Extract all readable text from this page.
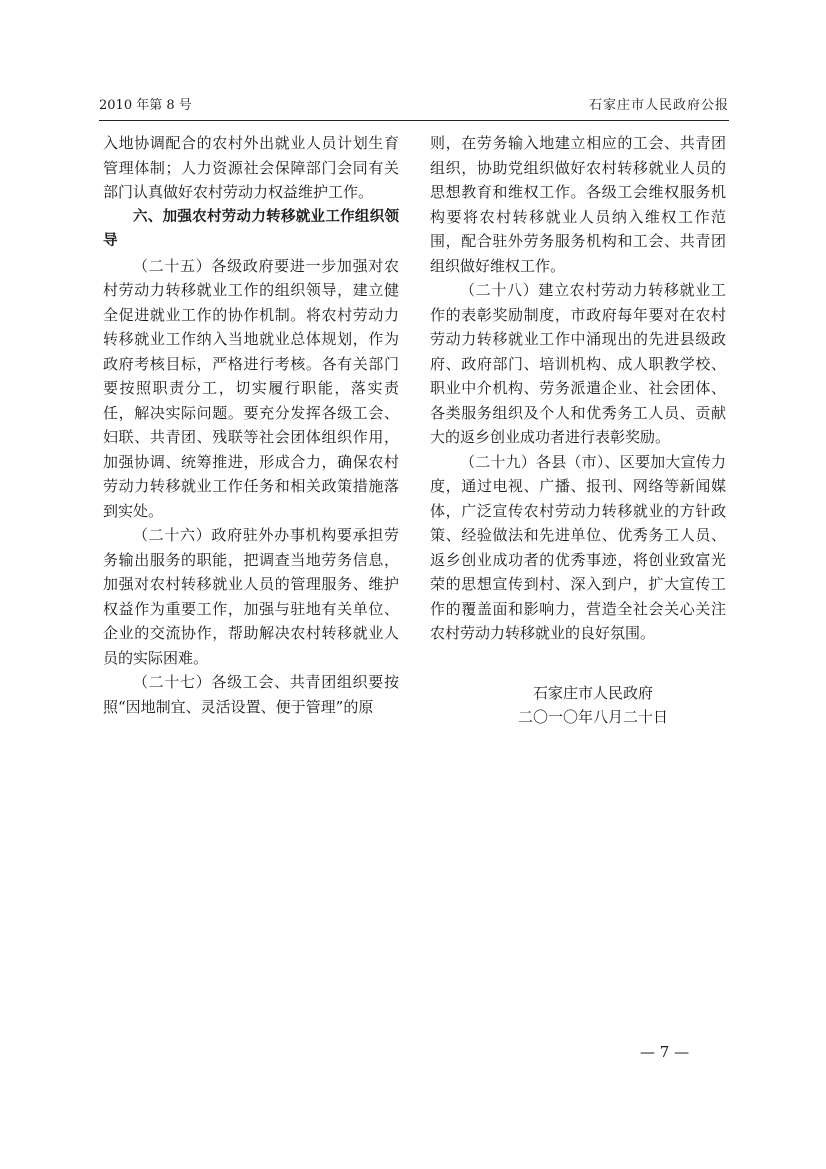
2010 年第 8 号	石家庄市人民政府公报

入地协调配合的农村外出就业人员计划生育管理体制；人力资源社会保障部门会同有关部门认真做好农村劳动力权益维护工作。

六、加强农村劳动力转移就业工作组织领导

（二十五）各级政府要进一步加强对农村劳动力转移就业工作的组织领导，建立健全促进就业工作的协作机制。将农村劳动力转移就业工作纳入当地就业总体规划，作为政府考核目标，严格进行考核。各有关部门要按照职责分工，切实履行职能，落实责任，解决实际问题。要充分发挥各级工会、妇联、共青团、残联等社会团体组织作用，加强协调、统筹推进，形成合力，确保农村劳动力转移就业工作任务和相关政策措施落到实处。

（二十六）政府驻外办事机构要承担劳务输出服务的职能，把调查当地劳务信息，加强对农村转移就业人员的管理服务、维护权益作为重要工作，加强与驻地有关单位、企业的交流协作，帮助解决农村转移就业人员的实际困难。

（二十七）各级工会、共青团组织要按照“因地制宜、灵活设置、便于管理”的原

则，在劳务输入地建立相应的工会、共青团组织，协助党组织做好农村转移就业人员的思想教育和维权工作。各级工会维权服务机构要将农村转移就业人员纳入维权工作范围，配合驻外劳务服务机构和工会、共青团组织做好维权工作。

（二十八）建立农村劳动力转移就业工作的表彰奖励制度，市政府每年要对在农村劳动力转移就业工作中涌现出的先进县级政府、政府部门、培训机构、成人职教学校、职业中介机构、劳务派遣企业、社会团体、各类服务组织及个人和优秀务工人员、贡献大的返乡创业成功者进行表彰奖励。

（二十九）各县（市）、区要加大宣传力度，通过电视、广播、报刊、网络等新闻媒体，广泛宣传农村劳动力转移就业的方针政策、经验做法和先进单位、优秀务工人员、返乡创业成功者的优秀事迹，将创业致富光荣的思想宣传到村、深入到户，扩大宣传工作的覆盖面和影响力，营造全社会关心关注农村劳动力转移就业的良好氛围。

石家庄市人民政府

二〇一〇年八月二十日

— 7 —
